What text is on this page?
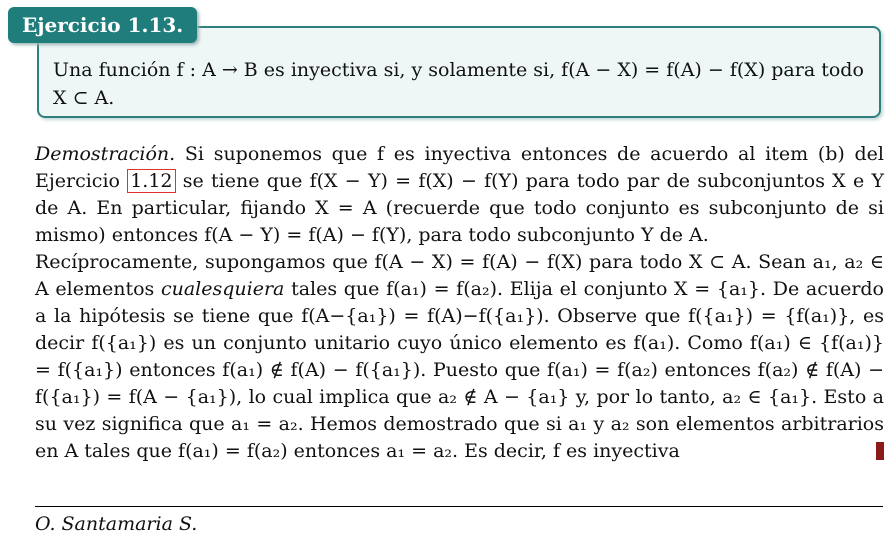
Ejercicio 1.13.
Una función f : A → B es inyectiva si, y solamente si, f(A − X) = f(A) − f(X) para todo
X ⊂ A.

Demostración. Si suponemos que f es inyectiva entonces de acuerdo al item (b) del Ejercicio 1.12 se tiene que f(X − Y) = f(X) − f(Y) para todo par de subconjuntos X e Y de A. En particular, fijando X = A (recuerde que todo conjunto es subconjunto de si mismo) entonces f(A − Y) = f(A) − f(Y), para todo subconjunto Y de A.

Recíprocamente, supongamos que f(A − X) = f(A) − f(X) para todo X ⊂ A. Sean a₁, a₂ ∈ A elementos cualesquiera tales que f(a₁) = f(a₂). Elija el conjunto X = {a₁}. De acuerdo a la hipótesis se tiene que f(A−{a₁}) = f(A)−f({a₁}). Observe que f({a₁}) = {f(a₁)}, es decir f({a₁}) es un conjunto unitario cuyo único elemento es f(a₁). Como f(a₁) ∈ {f(a₁)} = f({a₁}) entonces f(a₁) ∉ f(A) − f({a₁}). Puesto que f(a₁) = f(a₂) entonces f(a₂) ∉ f(A) − f({a₁}) = f(A − {a₁}), lo cual implica que a₂ ∉ A − {a₁} y, por lo tanto, a₂ ∈ {a₁}. Esto a su vez significa que a₁ = a₂. Hemos demostrado que si a₁ y a₂ son elementos arbitrarios en A tales que f(a₁) = f(a₂) entonces a₁ = a₂. Es decir, f es inyectiva

O. Santamaria S.
